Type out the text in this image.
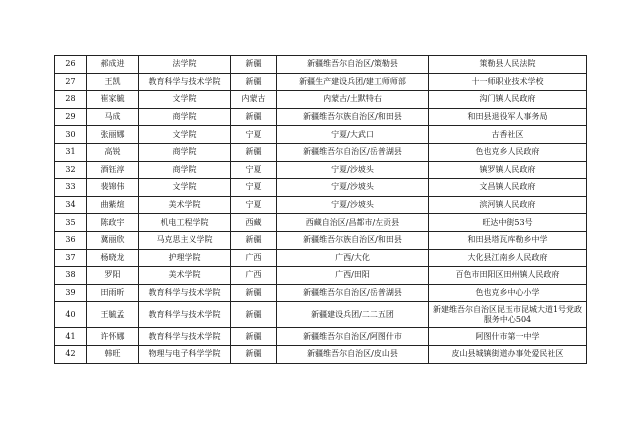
26	郝成进	法学院	新疆	新疆维吾尔自治区/策勒县	策勒县人民法院
27	王凯	教育科学与技术学院	新疆	新疆生产建设兵团/建工师师部	十一师职业技术学校
28	崔家毓	文学院	内蒙古	内蒙古/土默特右	沟门镇人民政府
29	马成	商学院	新疆	新疆维吾尔族自治区/和田县	和田县退役军人事务局
30	张丽娜	文学院	宁夏	宁夏/大武口	古香社区
31	高锐	商学院	新疆	新疆维吾尔自治区/岳普湖县	色也克乡人民政府
32	酒钰淳	商学院	宁夏	宁夏/沙坡头	镇罗镇人民政府
33	裴锦伟	文学院	宁夏	宁夏/沙坡头	文昌镇人民政府
34	曲紫煊	美术学院	宁夏	宁夏/沙坡头	滨河镇人民政府
35	陈政宇	机电工程学院	西藏	西藏自治区/昌都市/左贡县	旺达中街53号
36	冀丽欣	马克思主义学院	新疆	新疆维吾尔族自治区/和田县	和田县塔瓦库勒乡中学
37	杨晓龙	护理学院	广西	广西/大化	大化县江南乡人民政府
38	罗阳	美术学院	广西	广西/田阳	百色市田阳区田州镇人民政府
39	田雨昕	教育科学与技术学院	新疆	新疆维吾尔自治区/岳普湖县	色也克乡中心小学
40	王毓孟	教育科学与技术学院	新疆	新疆建设兵团/二二五团	新建维吾尔自治区昆玉市昆城大道1号党政服务中心504
41	许怀娜	教育科学与技术学院	新疆	新疆维吾尔自治区/阿图什市	阿图什市第一中学
42	韩旺	物理与电子科学学院	新疆	新疆维吾尔自治区/皮山县	皮山县城镇街道办事处爱民社区
